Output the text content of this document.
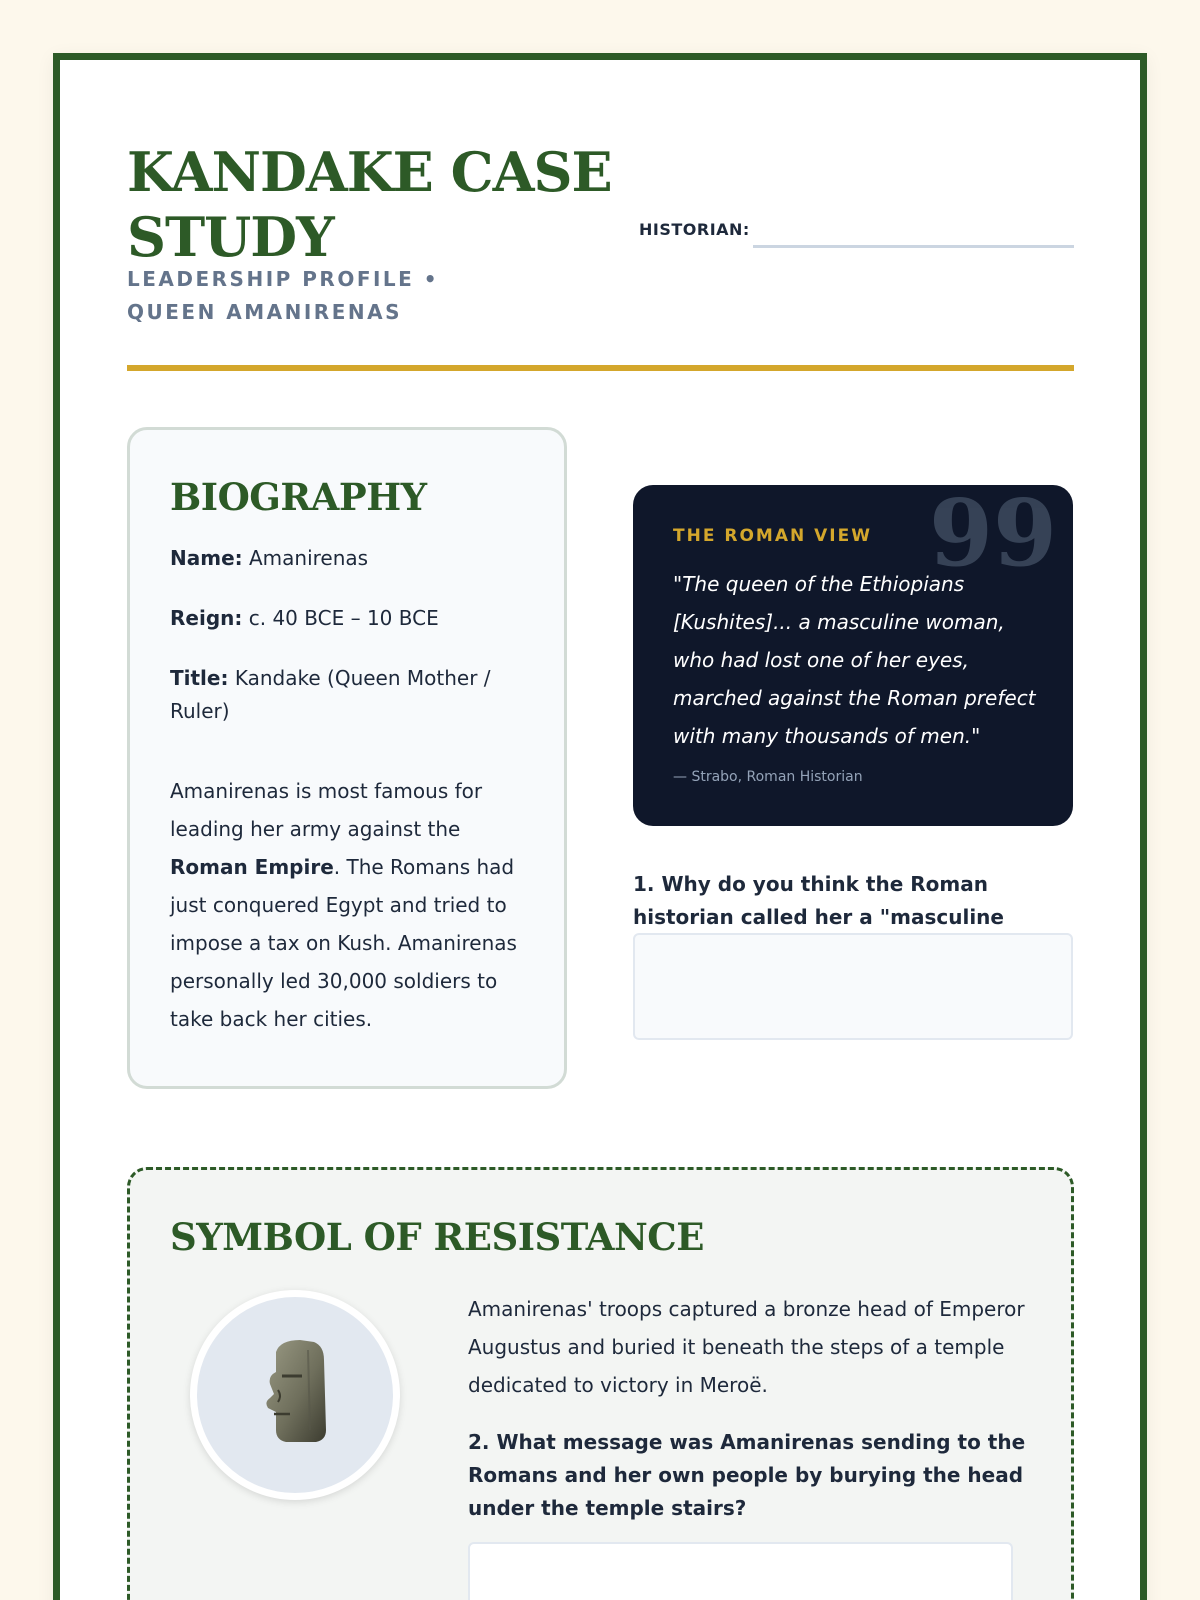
KANDAKE CASE STUDY
LEADERSHIP PROFILE • QUEEN AMANIRENAS
HISTORIAN:
BIOGRAPHY

Name: Amanirenas

Reign: c. 40 BCE – 10 BCE

Title: Kandake (Queen Mother / Ruler)

Amanirenas is most famous for leading her army against the Roman Empire. The Romans had just conquered Egypt and tried to impose a tax on Kush. Amanirenas personally led 30,000 soldiers to take back her cities.

99
THE ROMAN VIEW

"The queen of the Ethiopians [Kushites]... a masculine woman, who had lost one of her eyes, marched against the Roman prefect with many thousands of men."

— Strabo, Roman Historian

1. Why do you think the Roman historian called her a "masculine

SYMBOL OF RESISTANCE

Amanirenas' troops captured a bronze head of Emperor Augustus and buried it beneath the steps of a temple dedicated to victory in Meroë.

2. What message was Amanirenas sending to the Romans and her own people by burying the head under the temple stairs?
